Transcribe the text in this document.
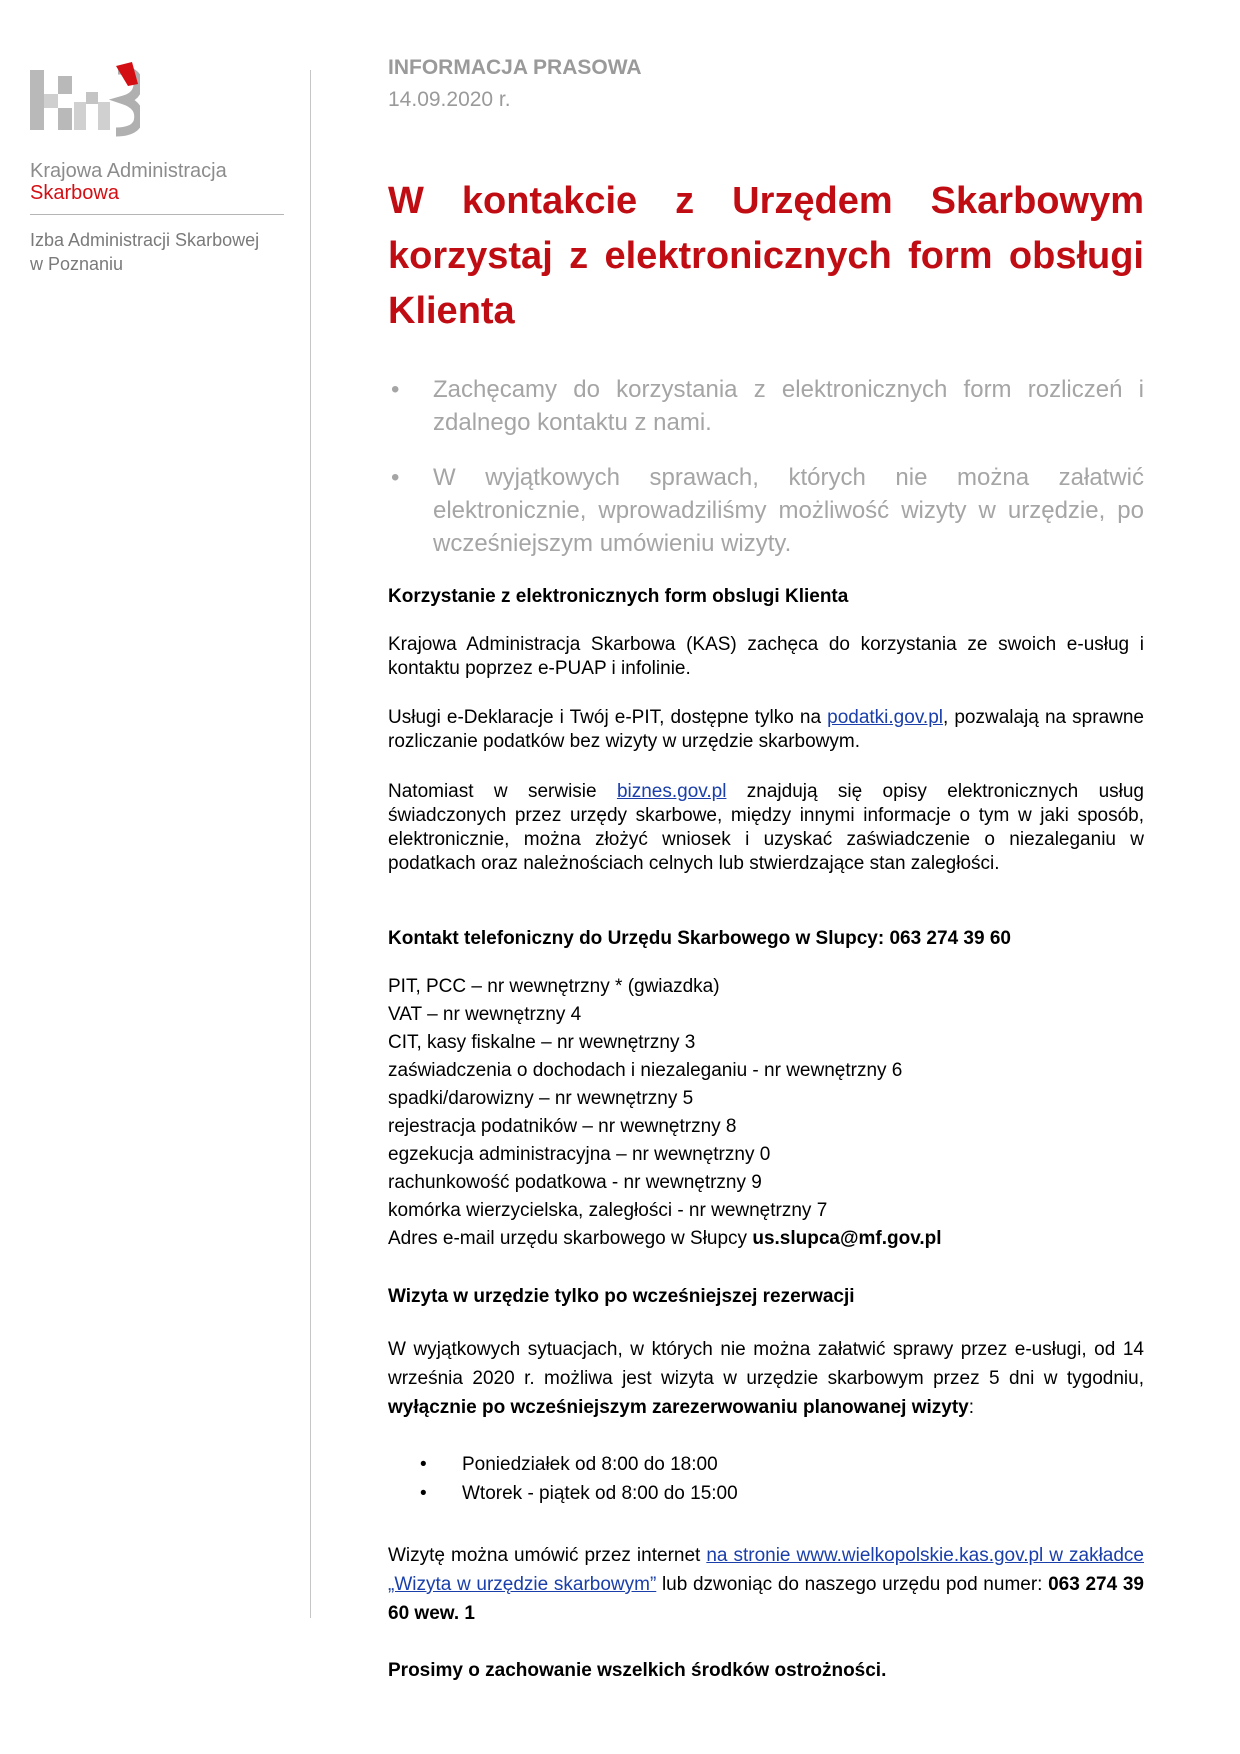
KAS
Krajowa Administracja
Skarbowa
Izba Administracji Skarbowej
w Poznaniu
INFORMACJA PRASOWA
14.09.2020 r.
W kontakcie z Urzędem Skarbowym korzystaj z elektronicznych form obsługi Klienta
• Zachęcamy do korzystania z elektronicznych form rozliczeń i zdalnego kontaktu z nami.
• W wyjątkowych sprawach, których nie można załatwić elektronicznie, wprowadziliśmy możliwość wizyty w urzędzie, po wcześniejszym umówieniu wizyty.
Korzystanie z elektronicznych form obslugi Klienta
Krajowa Administracja Skarbowa (KAS) zachęca do korzystania ze swoich e-usług i kontaktu poprzez e-PUAP i infolinie.
Usługi e-Deklaracje i Twój e-PIT, dostępne tylko na podatki.gov.pl, pozwalają na sprawne rozliczanie podatków bez wizyty w urzędzie skarbowym.
Natomiast w serwisie biznes.gov.pl znajdują się opisy elektronicznych usług świadczonych przez urzędy skarbowe, między innymi informacje o tym w jaki sposób, elektronicznie, można złożyć wniosek i uzyskać zaświadczenie o niezaleganiu w podatkach oraz należnościach celnych lub stwierdzające stan zaległości.
Kontakt telefoniczny do Urzędu Skarbowego w Slupcy: 063 274 39 60
PIT, PCC – nr wewnętrzny * (gwiazdka)
VAT – nr wewnętrzny 4
CIT, kasy fiskalne – nr wewnętrzny 3
zaświadczenia o dochodach i niezaleganiu - nr wewnętrzny 6
spadki/darowizny – nr wewnętrzny 5
rejestracja podatników – nr wewnętrzny 8
egzekucja administracyjna – nr wewnętrzny 0
rachunkowość podatkowa - nr wewnętrzny 9
komórka wierzycielska, zaległości - nr wewnętrzny 7
Adres e-mail urzędu skarbowego w Słupcy us.slupca@mf.gov.pl
Wizyta w urzędzie tylko po wcześniejszej rezerwacji
W wyjątkowych sytuacjach, w których nie można załatwić sprawy przez e-usługi, od 14 września 2020 r. możliwa jest wizyta w urzędzie skarbowym przez 5 dni w tygodniu, wyłącznie po wcześniejszym zarezerwowaniu planowanej wizyty:
• Poniedziałek od 8:00 do 18:00
• Wtorek - piątek od 8:00 do 15:00
Wizytę można umówić przez internet na stronie www.wielkopolskie.kas.gov.pl w zakładce „Wizyta w urzędzie skarbowym” lub dzwoniąc do naszego urzędu pod numer: 063 274 39 60 wew. 1
Prosimy o zachowanie wszelkich środków ostrożności.
